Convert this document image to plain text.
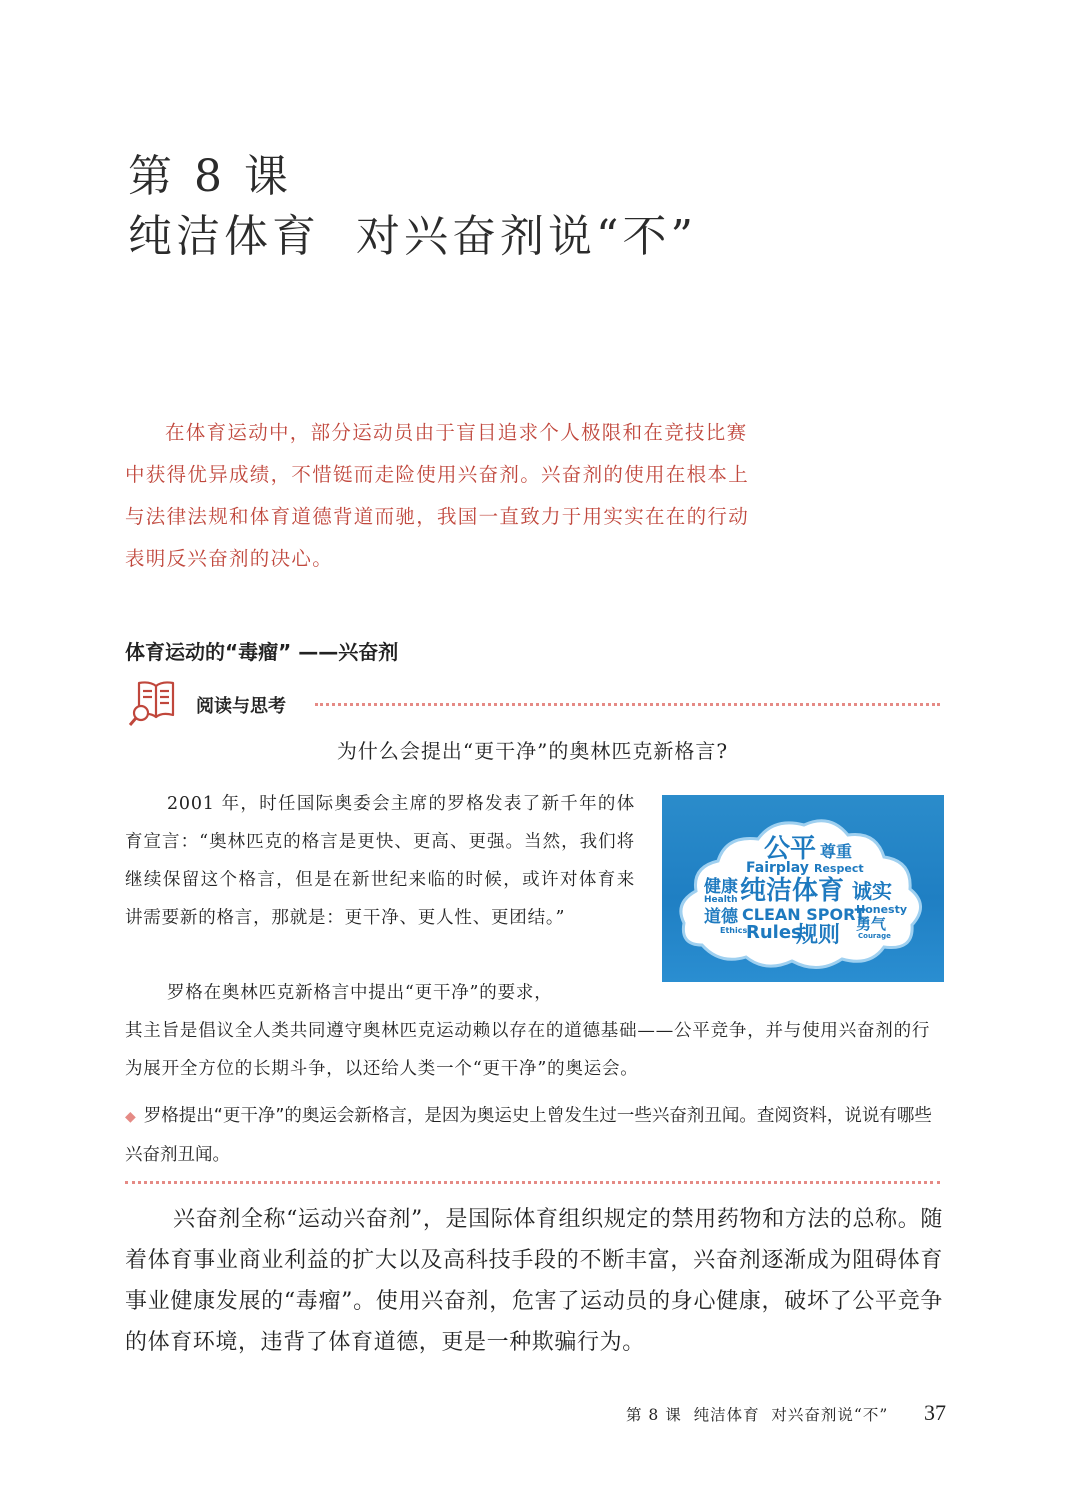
第 8 课
纯洁体育  对兴奋剂说“不”
在体育运动中，部分运动员由于盲目追求个人极限和在竞技比赛中获得优异成绩，不惜铤而走险使用兴奋剂。兴奋剂的使用在根本上与法律法规和体育道德背道而驰，我国一直致力于用实实在在的行动表明反兴奋剂的决心。
体育运动的“毒瘤” ——兴奋剂
阅读与思考
为什么会提出“更干净”的奥林匹克新格言?
2001 年，时任国际奥委会主席的罗格发表了新千年的体育宣言：“奥林匹克的格言是更快、更高、更强。当然，我们将继续保留这个格言，但是在新世纪来临的时候，或许对体育来讲需要新的格言，那就是：更干净、更人性、更团结。”
公平 尊重
Fairplay Respect
健康
Health 纯洁体育 诚实
道德 CLEAN SPORT
Honesty
勇气
Courage
Ethics
Rules
规则
罗格在奥林匹克新格言中提出“更干净”的要求，
其主旨是倡议全人类共同遵守奥林匹克运动赖以存在的道德基础——公平竞争，并与使用兴奋剂的行为展开全方位的长期斗争，以还给人类一个“更干净”的奥运会。
◆ 罗格提出“更干净”的奥运会新格言，是因为奥运史上曾发生过一些兴奋剂丑闻。查阅资料，说说有哪些兴奋剂丑闻。
兴奋剂全称“运动兴奋剂”，是国际体育组织规定的禁用药物和方法的总称。随着体育事业商业利益的扩大以及高科技手段的不断丰富，兴奋剂逐渐成为阻碍体育事业健康发展的“毒瘤”。使用兴奋剂，危害了运动员的身心健康，破坏了公平竞争的体育环境，违背了体育道德，更是一种欺骗行为。
第 8 课  纯洁体育  对兴奋剂说“不” 37
